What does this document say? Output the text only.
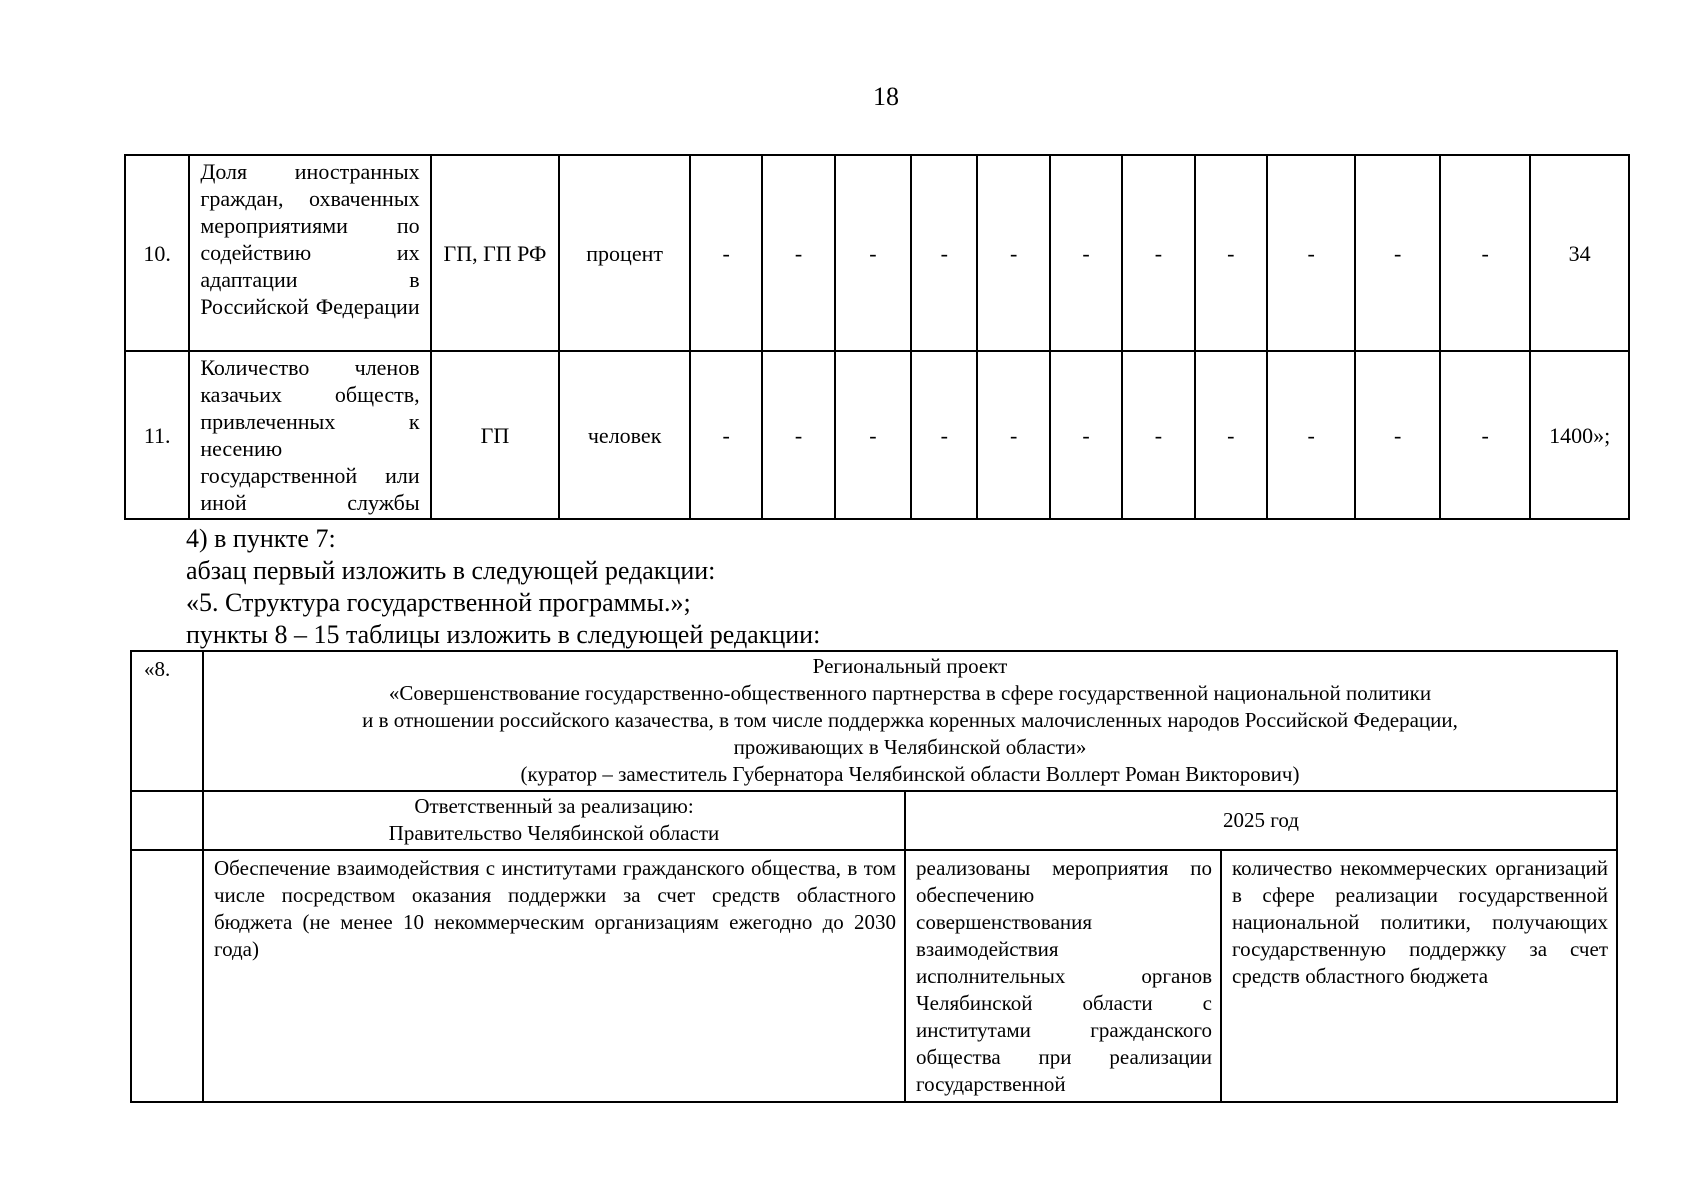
18
10.	Доля иностранных граждан, охваченных мероприятиями по содействию их адаптации в Российской Федерации	ГП, ГП РФ	процент	-	-	-	-	-	-	-	-	-	-	-	34
11.	Количество членов казачьих обществ, привлеченных к несению государственной или иной службы	ГП	человек	-	-	-	-	-	-	-	-	-	-	-	1400»;
4) в пункте 7:
абзац первый изложить в следующей редакции:
«5. Структура государственной программы.»;
пункты 8 – 15 таблицы изложить в следующей редакции:
«8.	Региональный проект
«Совершенствование государственно-общественного партнерства в сфере государственной национальной политики
и в отношении российского казачества, в том числе поддержка коренных малочисленных народов Российской Федерации,
проживающих в Челябинской области»
(куратор – заместитель Губернатора Челябинской области Воллерт Роман Викторович)		

	Ответственный за реализацию:
Правительство Челябинской области	2025 год	
	Обеспечение взаимодействия с институтами гражданского общества, в том числе посредством оказания поддержки за счет средств областного бюджета (не менее 10 некоммерческим организациям ежегодно до 2030 года)	реализованы мероприятия по обеспечению совершенствования взаимодействия исполнительных органов Челябинской области с институтами гражданского общества при реализации государственной	количество некоммерческих организаций в сфере реализации государственной национальной политики, получающих государственную поддержку за счет средств областного бюджета
